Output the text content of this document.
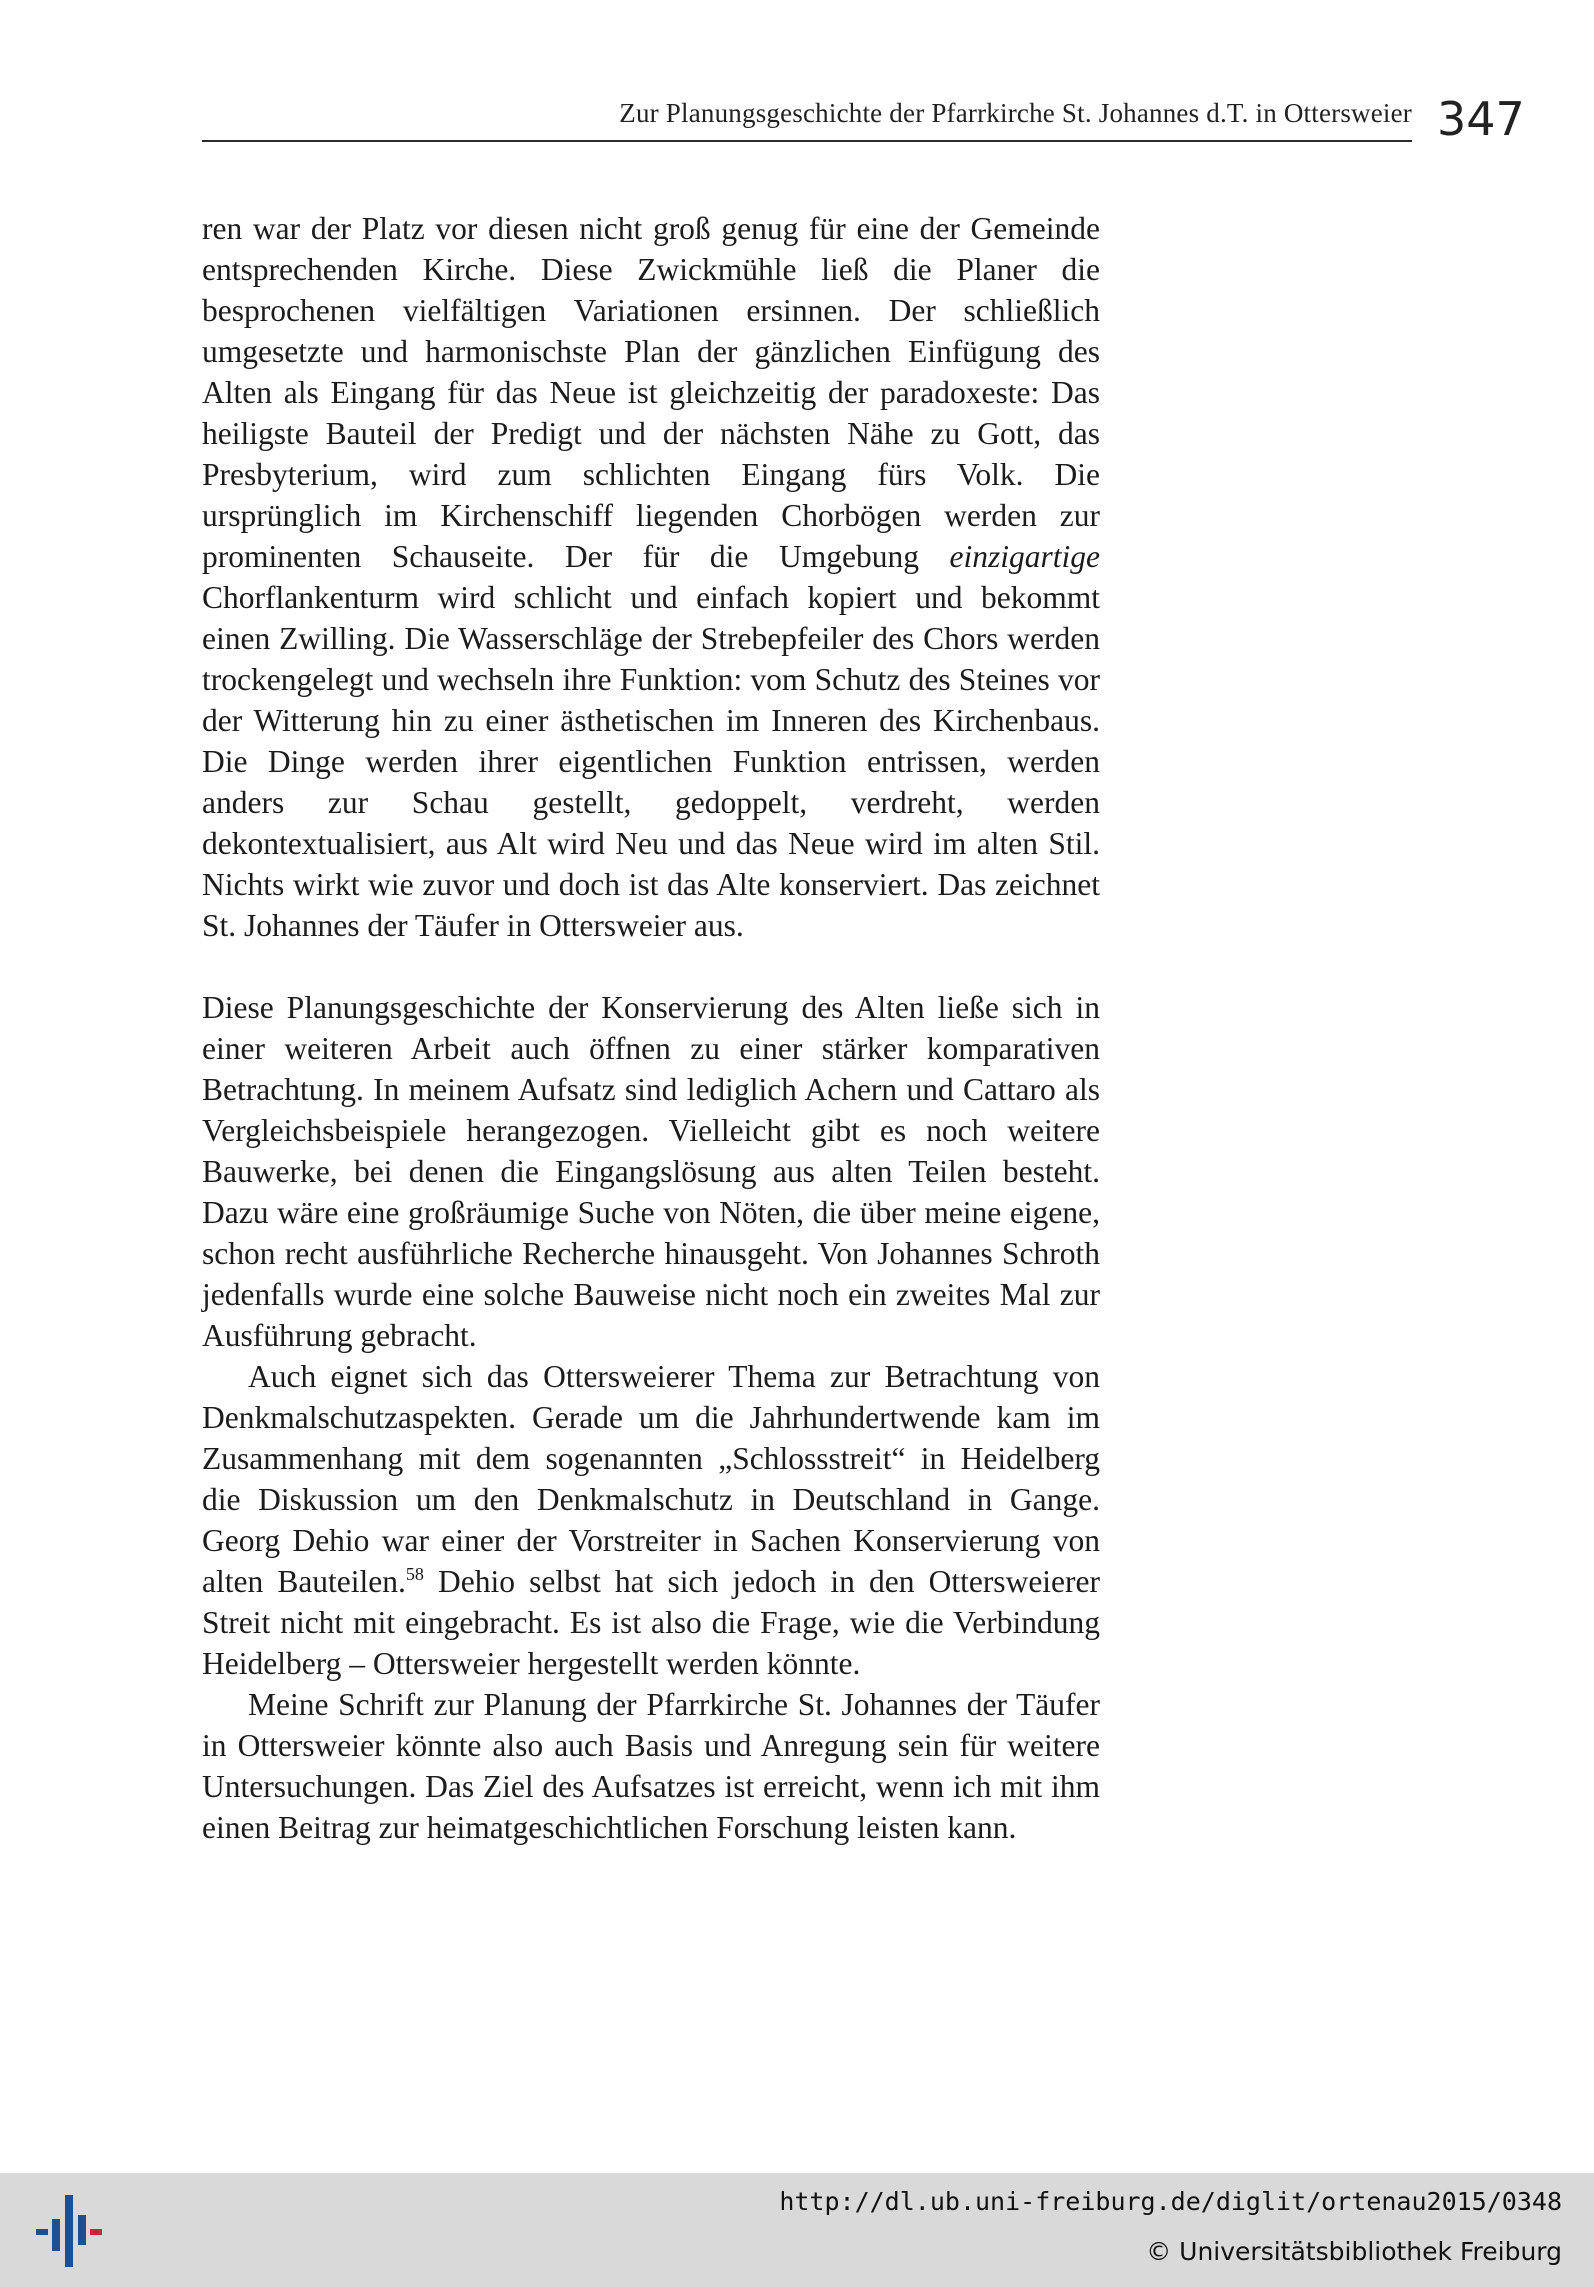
Zur Planungsgeschichte der Pfarrkirche St. Johannes d.T. in Ottersweier 347

ren war der Platz vor diesen nicht groß genug für eine der Gemeinde entsprechenden Kirche. Diese Zwickmühle ließ die Planer die besprochenen vielfältigen Variationen ersinnen. Der schließlich umgesetzte und harmonischste Plan der gänzlichen Einfügung des Alten als Eingang für das Neue ist gleichzeitig der paradoxeste: Das heiligste Bauteil der Predigt und der nächsten Nähe zu Gott, das Presbyterium, wird zum schlichten Eingang fürs Volk. Die ursprünglich im Kirchenschiff liegenden Chorbögen werden zur prominenten Schauseite. Der für die Umgebung einzigartige Chorflankenturm wird schlicht und einfach kopiert und bekommt einen Zwilling. Die Wasserschläge der Strebepfeiler des Chors werden trockengelegt und wechseln ihre Funktion: vom Schutz des Steines vor der Witterung hin zu einer ästhetischen im Inneren des Kirchenbaus. Die Dinge werden ihrer eigentlichen Funktion entrissen, werden anders zur Schau gestellt, gedoppelt, verdreht, werden dekontextualisiert, aus Alt wird Neu und das Neue wird im alten Stil. Nichts wirkt wie zuvor und doch ist das Alte konserviert. Das zeichnet St. Johannes der Täufer in Ottersweier aus.

Diese Planungsgeschichte der Konservierung des Alten ließe sich in einer weiteren Arbeit auch öffnen zu einer stärker komparativen Betrachtung. In meinem Aufsatz sind lediglich Achern und Cattaro als Vergleichsbeispiele herangezogen. Vielleicht gibt es noch weitere Bauwerke, bei denen die Eingangslösung aus alten Teilen besteht. Dazu wäre eine großräumige Suche von Nöten, die über meine eigene, schon recht ausführliche Recherche hinausgeht. Von Johannes Schroth jedenfalls wurde eine solche Bauweise nicht noch ein zweites Mal zur Ausführung gebracht.

Auch eignet sich das Ottersweierer Thema zur Betrachtung von Denkmalschutzaspekten. Gerade um die Jahrhundertwende kam im Zusammenhang mit dem sogenannten „Schlossstreit“ in Heidelberg die Diskussion um den Denkmalschutz in Deutschland in Gange. Georg Dehio war einer der Vorstreiter in Sachen Konservierung von alten Bauteilen.$^{58}$ Dehio selbst hat sich jedoch in den Ottersweierer Streit nicht mit eingebracht. Es ist also die Frage, wie die Verbindung Heidelberg – Ottersweier hergestellt werden könnte.

Meine Schrift zur Planung der Pfarrkirche St. Johannes der Täufer in Ottersweier könnte also auch Basis und Anregung sein für weitere Untersuchungen. Das Ziel des Aufsatzes ist erreicht, wenn ich mit ihm einen Beitrag zur heimatgeschichtlichen Forschung leisten kann.

http://dl.ub.uni-freiburg.de/diglit/ortenau2015/0348
© Universitätsbibliothek Freiburg
